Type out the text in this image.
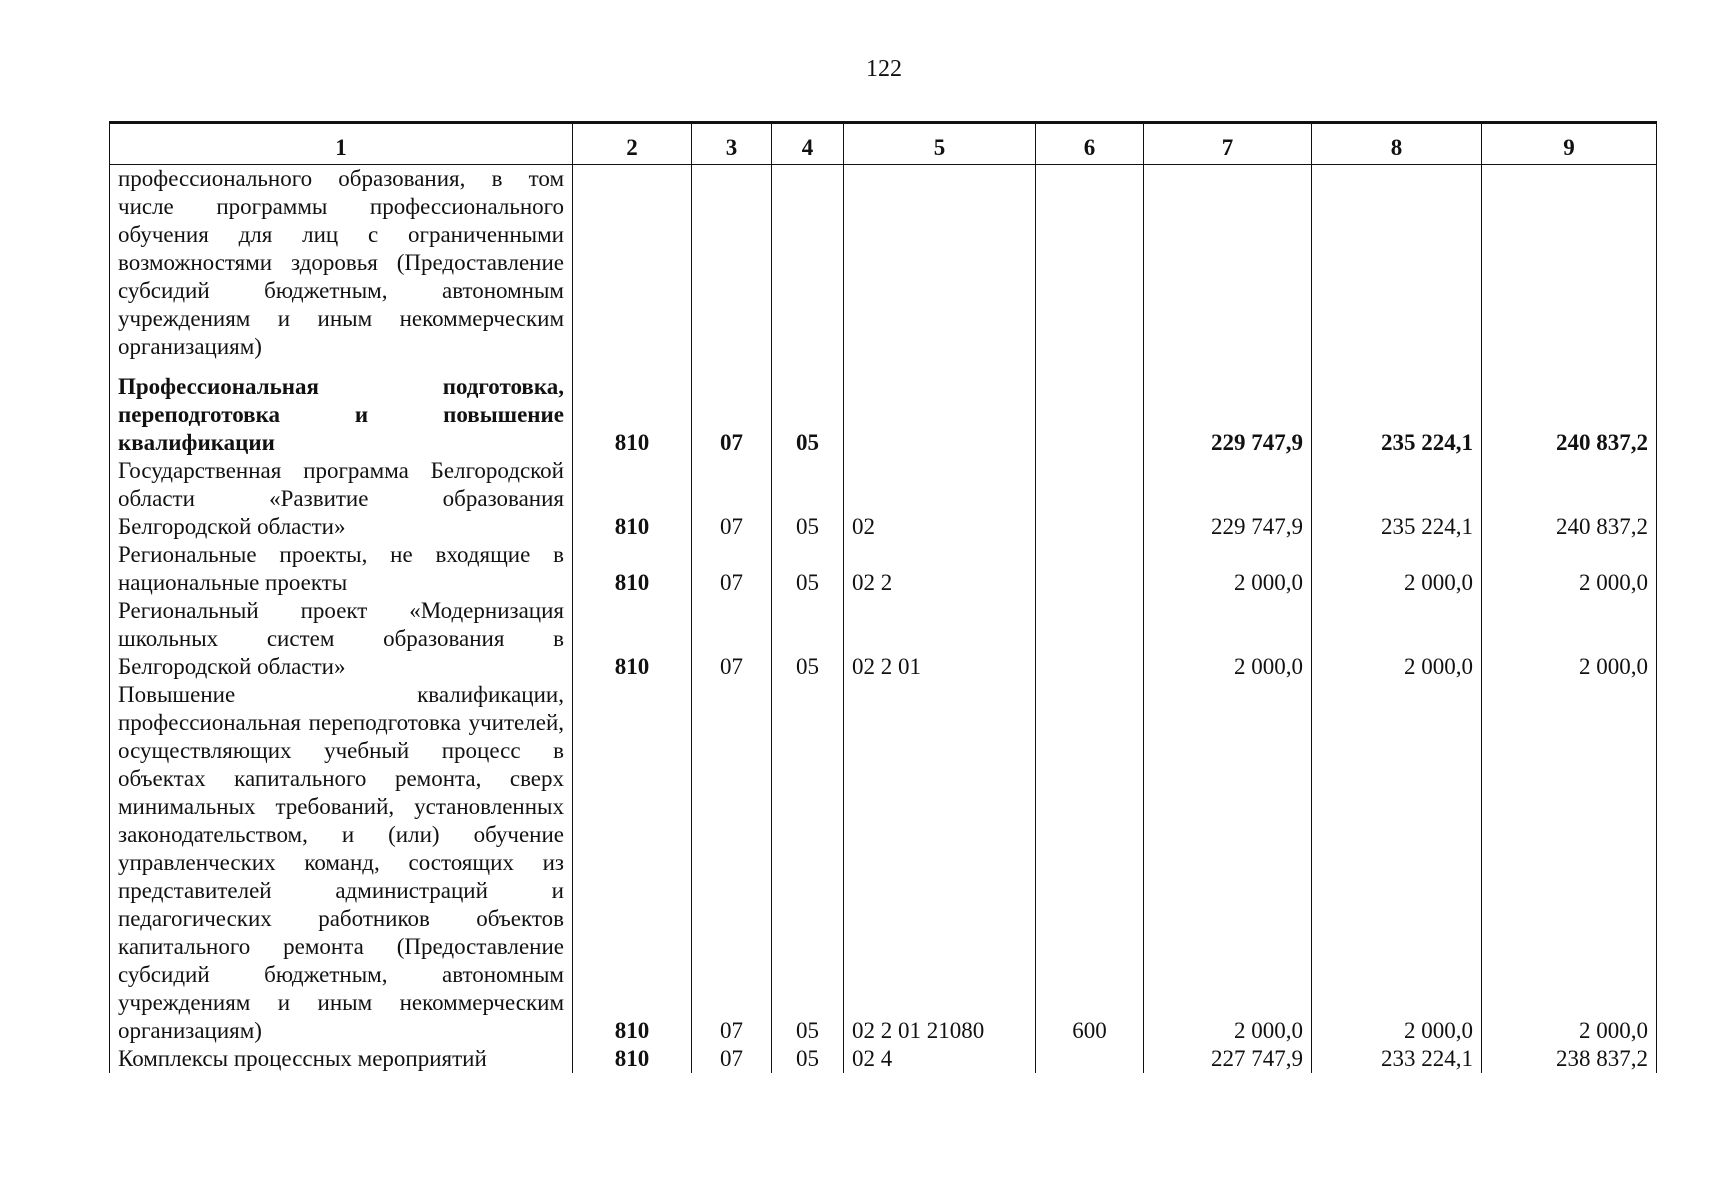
122
1	2	3	4	5	6	7	8	9
профессионального образования, в том числе программы профессионального обучения для лиц с ограниченными возможностями здоровья (Предоставление субсидий бюджетным, автономным учреждениям и иным некоммерческим организациям)								
Профессиональная подготовка, переподготовка и повышение квалификации	810	07	05			229 747,9	235 224,1	240 837,2
Государственная программа Белгородской области «Развитие образования Белгородской области»	810	07	05	02		229 747,9	235 224,1	240 837,2
Региональные проекты, не входящие в национальные проекты	810	07	05	02 2		2 000,0	2 000,0	2 000,0
Региональный проект «Модернизация школьных систем образования в Белгородской области»	810	07	05	02 2 01		2 000,0	2 000,0	2 000,0
Повышение квалификации, профессиональная переподготовка учителей, осуществляющих учебный процесс в объектах капитального ремонта, сверх минимальных требований, установленных законодательством, и (или) обучение управленческих команд, состоящих из представителей администраций и педагогических работников объектов капитального ремонта (Предоставление субсидий бюджетным, автономным учреждениям и иным некоммерческим организациям)	810	07	05	02 2 01 21080	600	2 000,0	2 000,0	2 000,0
Комплексы процессных мероприятий	810	07	05	02 4		227 747,9	233 224,1	238 837,2
